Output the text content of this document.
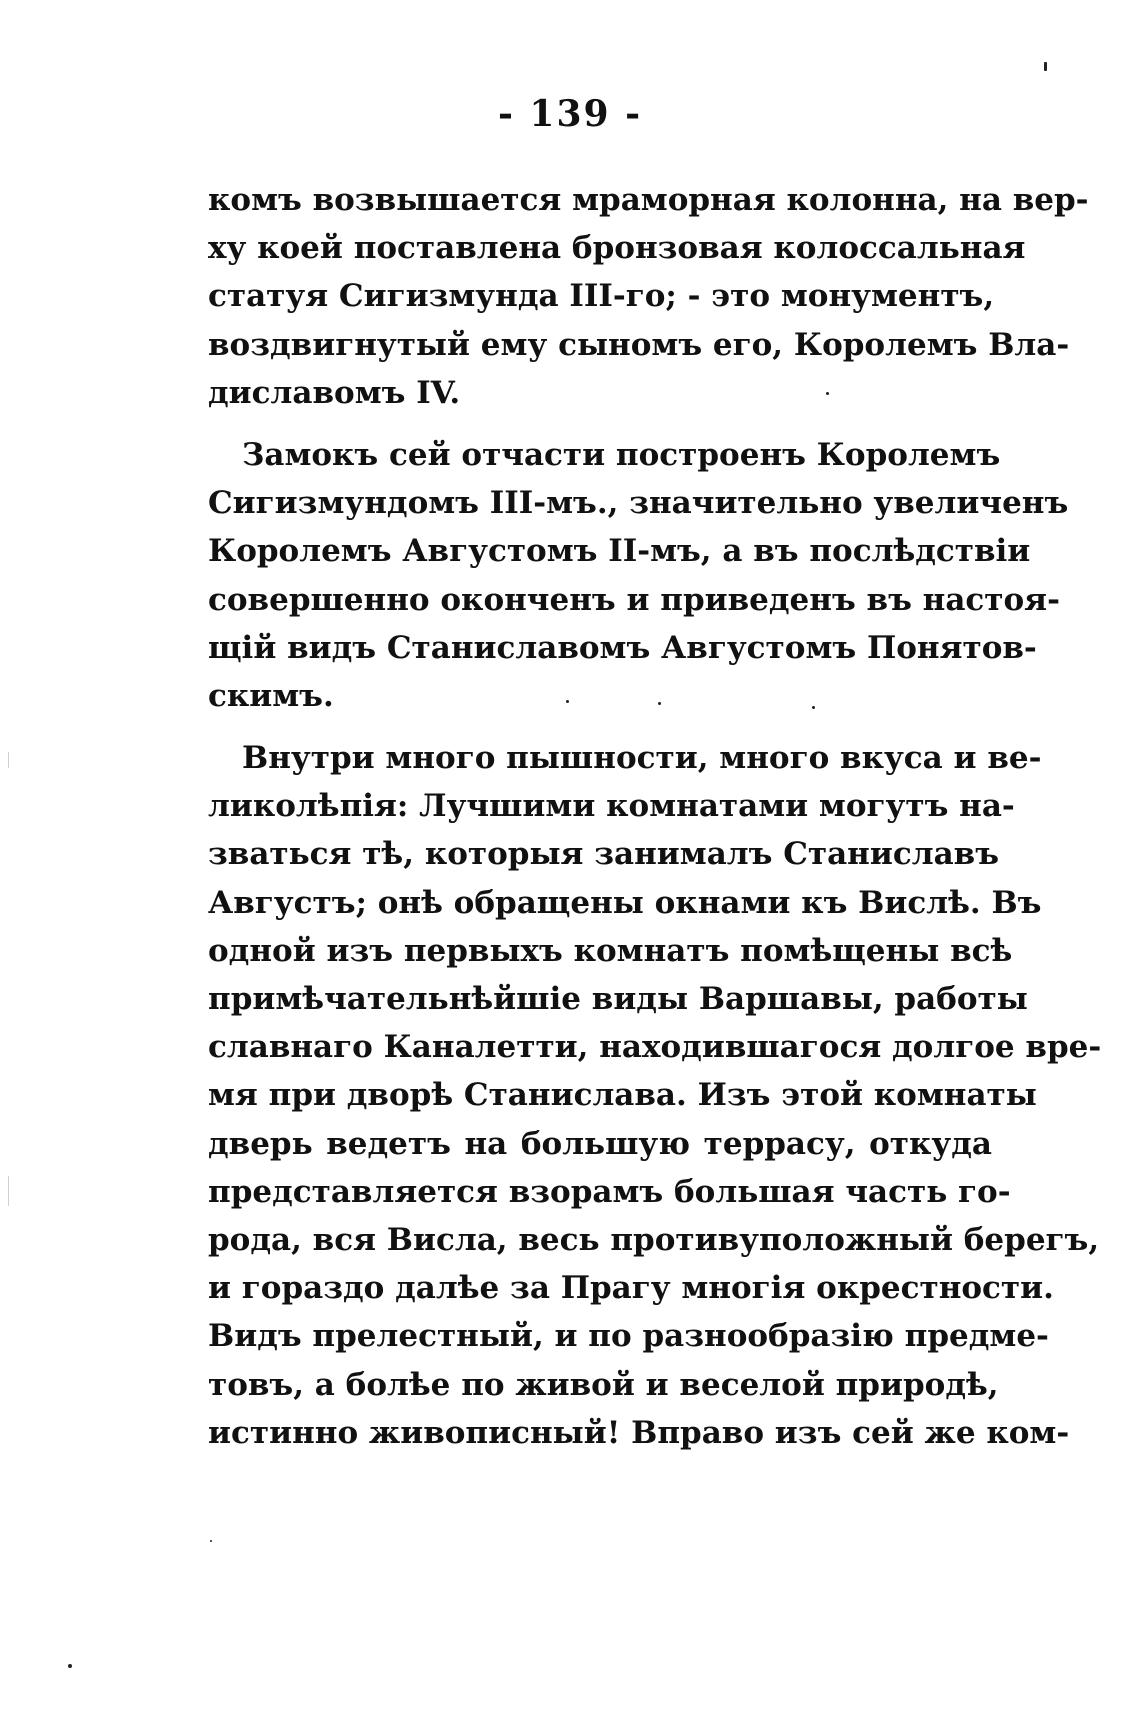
- 139 -
комъ возвышается мраморная колонна, на вер-
ху коей поставлена бронзовая колоссальная
статуя Сигизмунда III-го; - это монументъ,
воздвигнутый ему сыномъ его, Королемъ Вла-
диславомъ IV.
Замокъ сей отчасти построенъ Королемъ
Сигизмундомъ III-мъ., значительно увеличенъ
Королемъ Августомъ II-мъ, а въ послѣдствіи
совершенно оконченъ и приведенъ въ настоя-
щій видъ Станиславомъ Августомъ Понятов-
скимъ.
Внутри много пышности, много вкуса и ве-
ликолѣпія: Лучшими комнатами могутъ на-
зваться тѣ, которыя занималъ Станиславъ
Августъ; онѣ обращены окнами къ Вислѣ. Въ
одной изъ первыхъ комнатъ помѣщены всѣ
примѣчательнѣйшіе виды Варшавы, работы
славнаго Каналетти, находившагося долгое вре-
мя при дворѣ Станислава. Изъ этой комнаты
дверь ведетъ на большую террасу, откуда
представляется взорамъ большая часть го-
рода, вся Висла, весь противуположный берегъ,
и гораздо далѣе за Прагу многія окрестности.
Видъ прелестный, и по разнообразію предме-
товъ, а болѣе по живой и веселой природѣ,
истинно живописный! Вправо изъ сей же ком-
